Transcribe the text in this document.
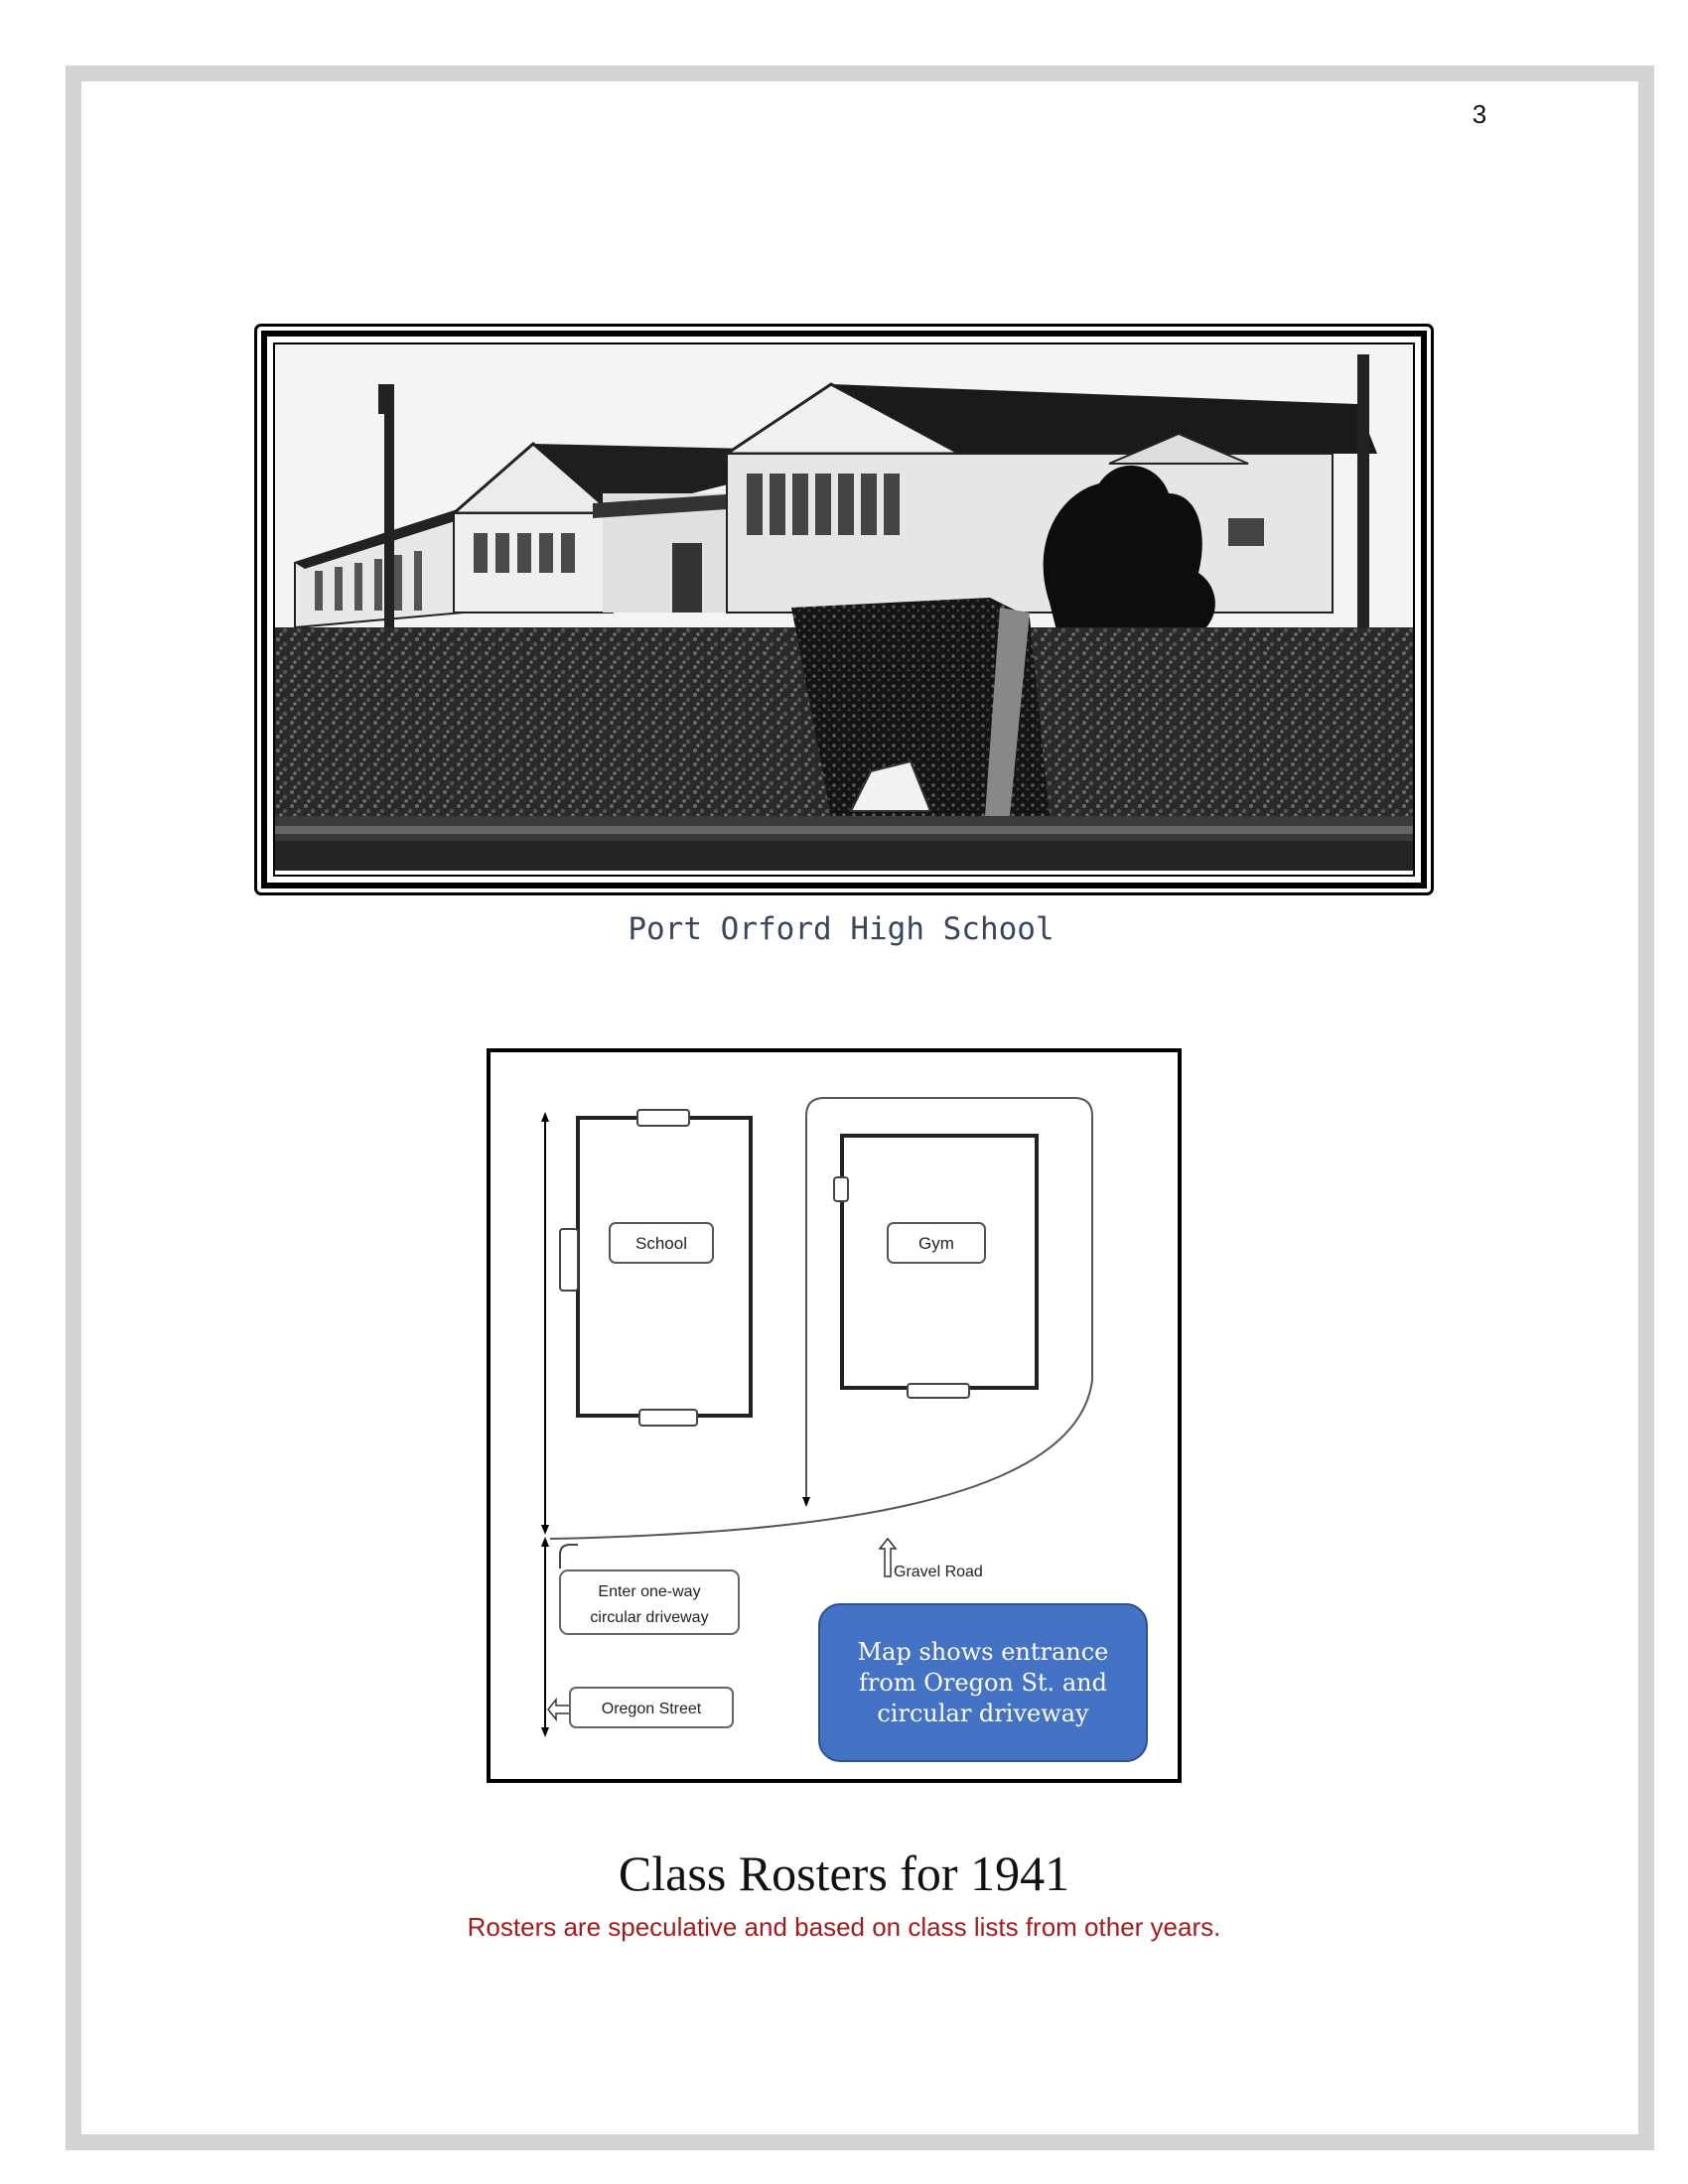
3
Port Orford High School
School	Gym
Gravel Road
Enter one-way
circular driveway
Oregon Street
Map shows entrance from Oregon St. and circular driveway
Class Rosters for 1941
Rosters are speculative and based on class lists from other years.
